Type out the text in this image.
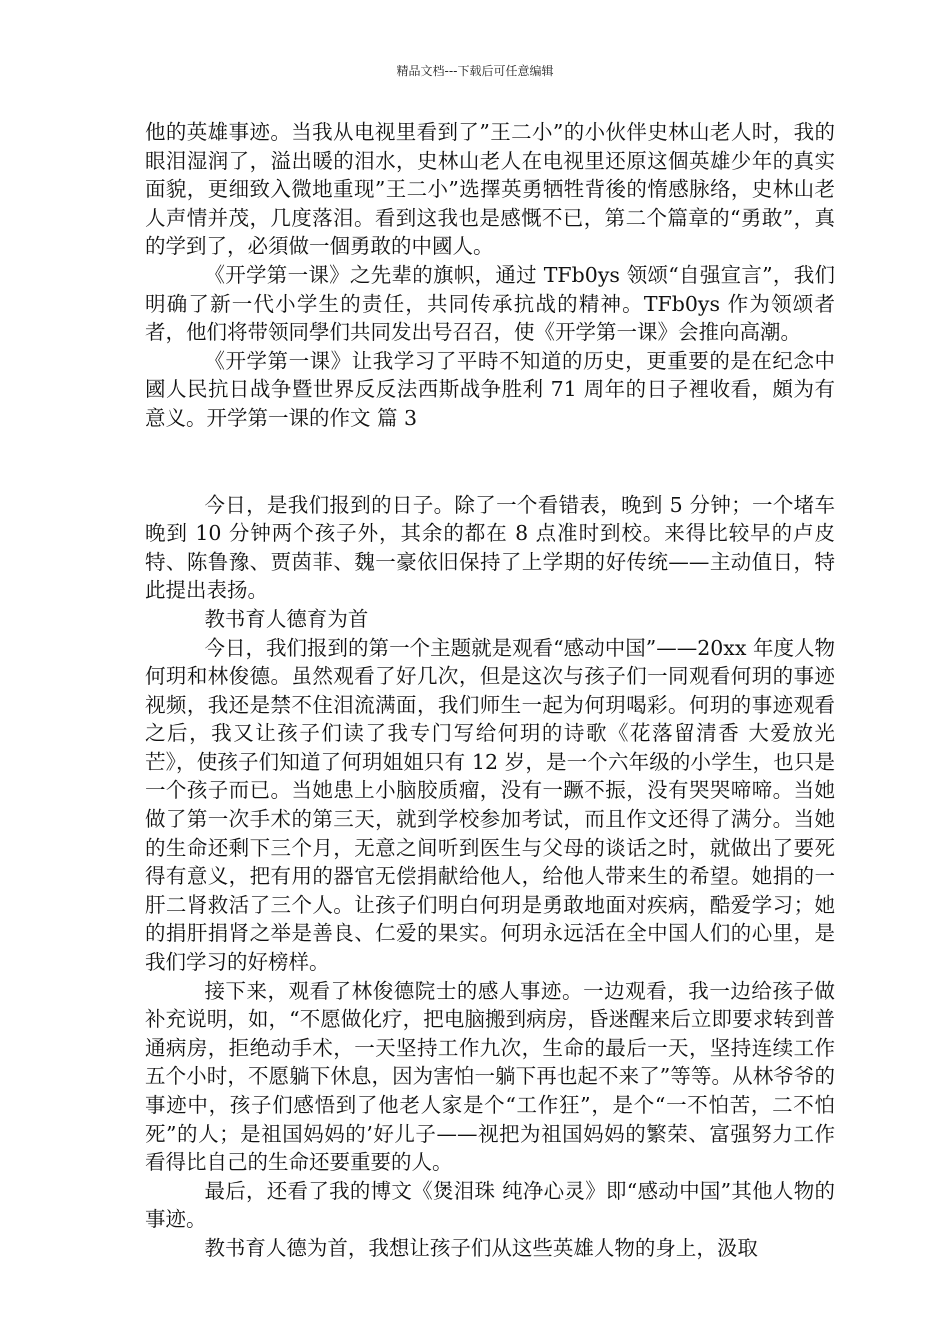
精品文档---下载后可任意编辑

他的英雄事迹。当我从电视里看到了”王二小”的小伙伴史林山老人时，我的眼泪湿润了，溢出暖的泪水，史林山老人在电视里还原这個英雄少年的真实面貌，更细致入微地重现”王二小”选擇英勇牺牲背後的惰感脉络，史林山老人声情并茂，几度落泪。看到这我也是感慨不已，第二个篇章的“勇敢”，真的学到了，必須做一個勇敢的中國人。

《开学第一课》之先辈的旗帜，通过 TFb0ys 领颂“自强宣言”，我们明确了新一代小学生的责任，共同传承抗战的精神。TFb0ys 作为领颂者者，他们将带领同學们共同发出号召召，使《开学第一课》会推向高潮。

《开学第一课》让我学习了平時不知道的历史，更重要的是在纪念中國人民抗日战争暨世界反反法西斯战争胜利 71 周年的日子裡收看，頗为有意义。开学第一课的作文 篇 3

今日，是我们报到的日子。除了一个看错表，晚到 5 分钟；一个堵车晚到 10 分钟两个孩子外，其余的都在 8 点准时到校。来得比较早的卢皮特、陈鲁豫、贾茵菲、魏一豪依旧保持了上学期的好传统——主动值日，特此提出表扬。

教书育人德育为首

今日，我们报到的第一个主题就是观看“感动中国”——20xx 年度人物何玥和林俊德。虽然观看了好几次，但是这次与孩子们一同观看何玥的事迹视频，我还是禁不住泪流满面，我们师生一起为何玥喝彩。何玥的事迹观看之后，我又让孩子们读了我专门写给何玥的诗歌《花落留清香 大爱放光芒》，使孩子们知道了何玥姐姐只有 12 岁，是一个六年级的小学生，也只是一个孩子而已。当她患上小脑胶质瘤，没有一蹶不振，没有哭哭啼啼。当她做了第一次手术的第三天，就到学校参加考试，而且作文还得了满分。当她的生命还剩下三个月，无意之间听到医生与父母的谈话之时，就做出了要死得有意义，把有用的器官无偿捐献给他人，给他人带来生的希望。她捐的一肝二肾救活了三个人。让孩子们明白何玥是勇敢地面对疾病，酷爱学习；她的捐肝捐肾之举是善良、仁爱的果实。何玥永远活在全中国人们的心里，是我们学习的好榜样。

接下来，观看了林俊德院士的感人事迹。一边观看，我一边给孩子做补充说明，如，“不愿做化疗，把电脑搬到病房，昏迷醒来后立即要求转到普通病房，拒绝动手术，一天坚持工作九次，生命的最后一天，坚持连续工作五个小时，不愿躺下休息，因为害怕一躺下再也起不来了”等等。从林爷爷的事迹中，孩子们感悟到了他老人家是个“工作狂”，是个“一不怕苦，二不怕死”的人；是祖国妈妈的’好儿子——视把为祖国妈妈的繁荣、富强努力工作看得比自己的生命还要重要的人。

最后，还看了我的博文《煲泪珠 纯净心灵》即“感动中国”其他人物的事迹。

教书育人德为首，我想让孩子们从这些英雄人物的身上，汲取
